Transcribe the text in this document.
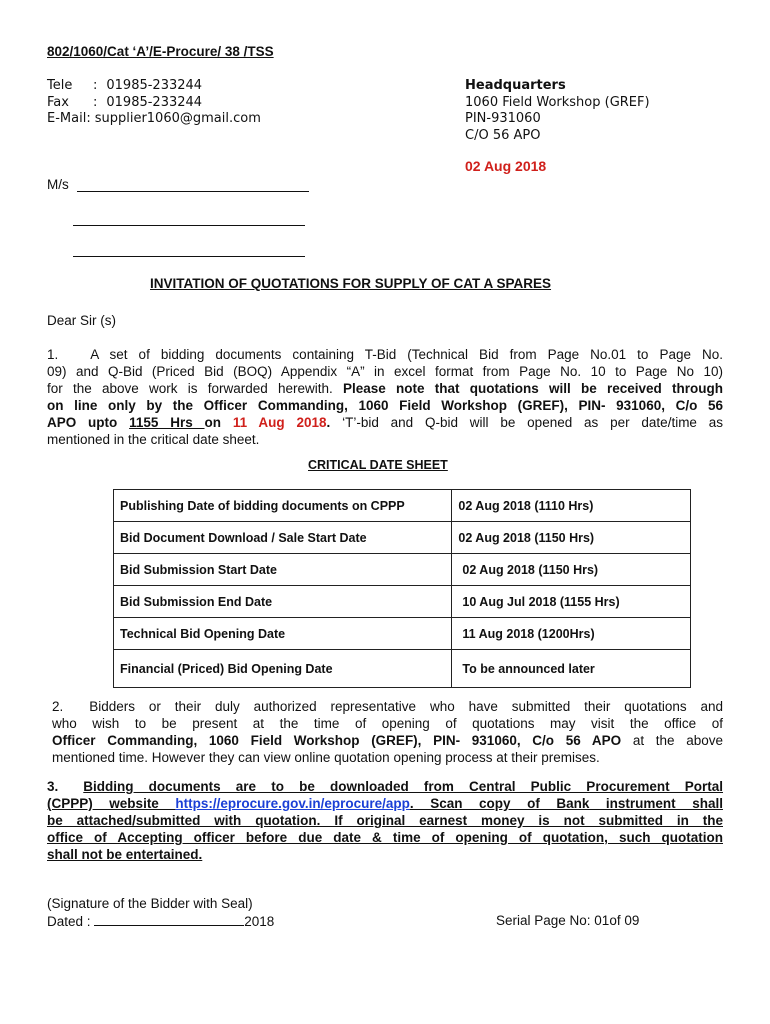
802/1060/Cat ‘A’/E-Procure/ 38 /TSS
Tele	: 01985-233244
Fax	: 01985-233244
E-Mail : supplier1060@gmail.com
Headquarters
1060 Field Workshop (GREF)
PIN-931060
C/O 56 APO
02 Aug 2018
M/s
INVITATION OF QUOTATIONS FOR SUPPLY OF CAT A SPARES
Dear Sir (s)
1. A set of bidding documents containing T-Bid (Technical Bid from Page No.01 to Page No.
09) and Q-Bid (Priced Bid (BOQ) Appendix “A” in excel format from Page No. 10 to Page No 10)
for the above work is forwarded herewith. Please note that quotations will be received through
on line only by the Officer Commanding, 1060 Field Workshop (GREF), PIN- 931060, C/o 56
APO upto 1155 Hrs on 11 Aug 2018. ‘T’-bid and Q-bid will be opened as per date/time as
mentioned in the critical date sheet.
CRITICAL DATE SHEET
Publishing Date of bidding documents on CPPP	02 Aug 2018 (1110 Hrs)
Bid Document Download / Sale Start Date	02 Aug 2018 (1150 Hrs)
Bid Submission Start Date	02 Aug 2018 (1150 Hrs)
Bid Submission End Date	10 Aug Jul 2018 (1155 Hrs)
Technical Bid Opening Date	11 Aug 2018 (1200Hrs)
Financial (Priced) Bid Opening Date	To be announced later
2. Bidders or their duly authorized representative who have submitted their quotations and
who wish to be present at the time of opening of quotations may visit the office of
Officer Commanding, 1060 Field Workshop (GREF), PIN- 931060, C/o 56 APO at the above
mentioned time. However they can view online quotation opening process at their premises.
3. Bidding documents are to be downloaded from Central Public Procurement Portal
(CPPP) website https://eprocure.gov.in/eprocure/app. Scan copy of Bank instrument shall
be attached/submitted with quotation. If original earnest money is not submitted in the
office of Accepting officer before due date & time of opening of quotation, such quotation
shall not be entertained.
(Signature of the Bidder with Seal)
Dated :	2018	Serial Page No: 01of 09
